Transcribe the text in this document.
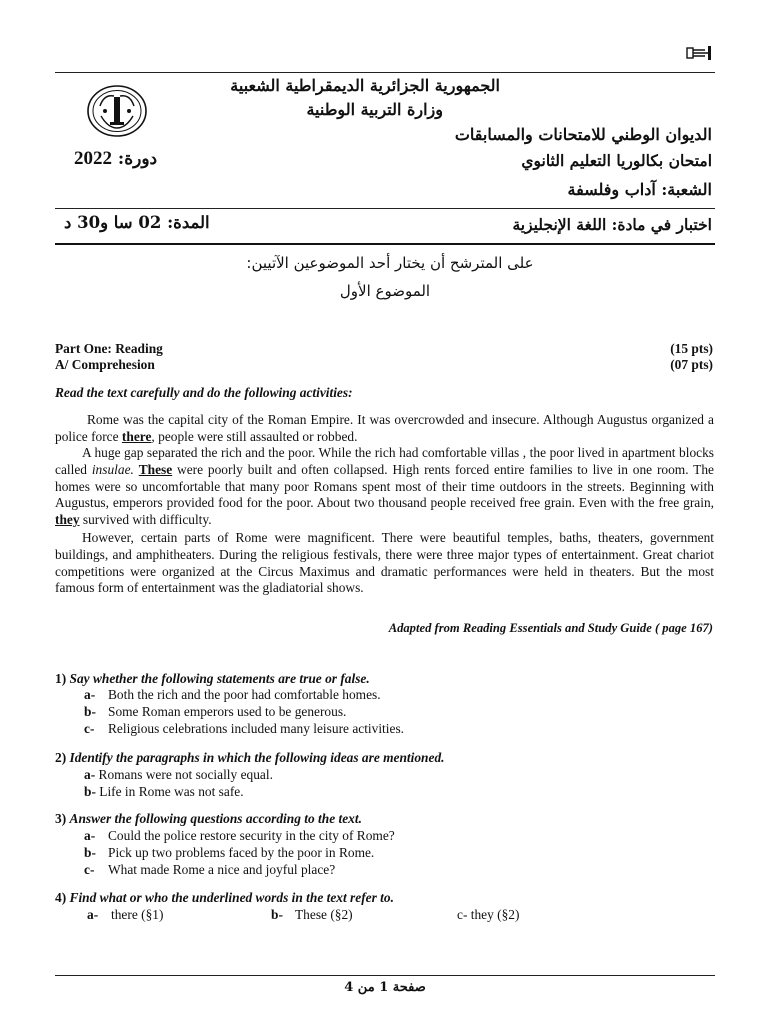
الجمهورية الجزائرية الديمقراطية الشعبية
وزارة التربية الوطنية
الديوان الوطني للامتحانات والمسابقات
امتحان بكالوريا التعليم الثانوي
دورة: 2022
الشعبة: آداب وفلسفة
اختبار في مادة: اللغة الإنجليزية
المدة: 02 سا و30 د
على المترشح أن يختار أحد الموضوعين الآتيين:
الموضوع الأول
Part One: Reading	(15 pts)
A/ Comprehesion	(07 pts)
Read the text carefully and do the following activities:
Rome was the capital city of the Roman Empire. It was overcrowded and insecure. Although Augustus organized a police force there, people were still assaulted or robbed.
A huge gap separated the rich and the poor. While the rich had comfortable villas , the poor lived in apartment blocks called insulae. These were poorly built and often collapsed. High rents forced entire families to live in one room. The homes were so uncomfortable that many poor Romans spent most of their time outdoors in the streets. Beginning with Augustus, emperors provided food for the poor. About two thousand people received free grain. Even with the free grain, they survived with difficulty.
However, certain parts of Rome were magnificent. There were beautiful temples, baths, theaters, government buildings, and amphitheaters. During the religious festivals, there were three major types of entertainment. Great chariot competitions were organized at the Circus Maximus and dramatic performances were held in theaters. But the most famous form of entertainment was the gladiatorial shows.
Adapted from Reading Essentials and Study Guide ( page 167)
1) Say whether the following statements are true or false.
a- Both the rich and the poor had comfortable homes.
b- Some Roman emperors used to be generous.
c- Religious celebrations included many leisure activities.
2) Identify the paragraphs in which the following ideas are mentioned.
a- Romans were not socially equal.
b- Life in Rome was not safe.
3) Answer the following questions according to the text.
a- Could the police restore security in the city of Rome?
b- Pick up two problems faced by the poor in Rome.
c- What made Rome a nice and joyful place?
4) Find what or who the underlined words in the text refer to.
a- there (§1)	b- These (§2)	c- they (§2)
صفحة 1 من 4
